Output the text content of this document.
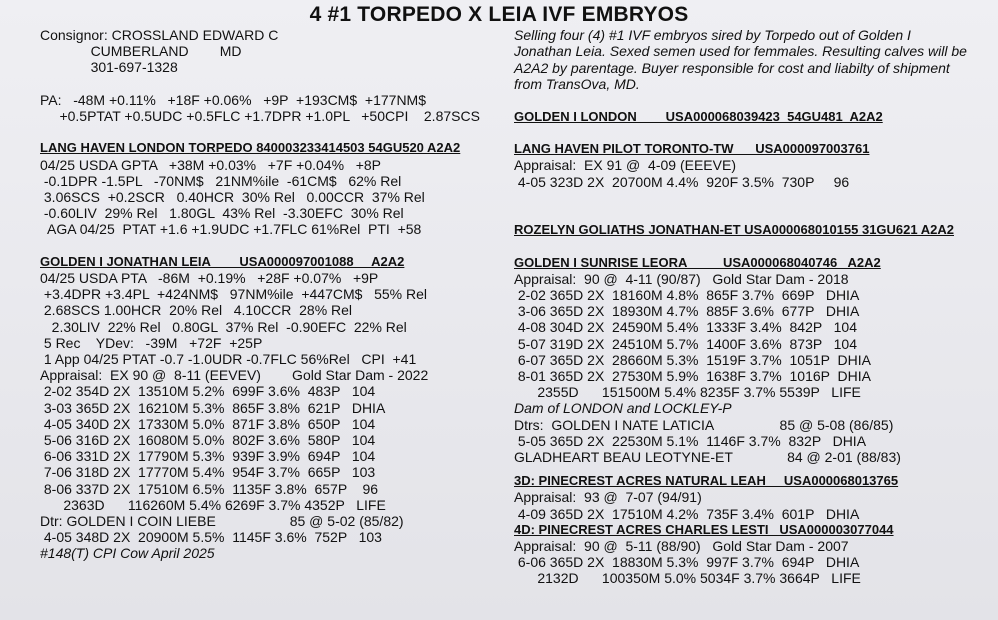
4 #1 TORPEDO X LEIA IVF EMBRYOS
Consignor: CROSSLAND EDWARD C
CUMBERLAND        MD
301-697-1328
PA:   -48M +0.11%   +18F +0.06%   +9P  +193CM$  +177NM$
+0.5PTAT +0.5UDC +0.5FLC +1.7DPR +1.0PL   +50CPI    2.87SCS
LANG HAVEN LONDON TORPEDO 840003233414503 54GU520 A2A2
04/25 USDA GPTA   +38M +0.03%   +7F +0.04%   +8P
-0.1DPR -1.5PL   -70NM$   21NM%ile  -61CM$   62% Rel
3.06SCS  +0.2SCR   0.40HCR  30% Rel   0.00CCR  37% Rel
-0.60LIV  29% Rel   1.80GL  43% Rel  -3.30EFC  30% Rel
AGA 04/25  PTAT +1.6 +1.9UDC +1.7FLC 61%Rel  PTI  +58
GOLDEN I JONATHAN LEIA        USA000097001088     A2A2
04/25 USDA PTA   -86M  +0.19%   +28F +0.07%   +9P
+3.4DPR +3.4PL  +424NM$   97NM%ile  +447CM$   55% Rel
2.68SCS 1.00HCR  20% Rel   4.10CCR  28% Rel
2.30LIV  22% Rel   0.80GL  37% Rel  -0.90EFC  22% Rel
5 Rec    YDev:   -39M   +72F  +25P
1 App 04/25 PTAT -0.7 -1.0UDR -0.7FLC 56%Rel   CPI  +41
Appraisal:  EX 90 @  8-11 (EEVEV)        Gold Star Dam - 2022
2-02 354D 2X  13510M 5.2%  699F 3.6%  483P   104
3-03 365D 2X  16210M 5.3%  865F 3.8%  621P   DHIA
4-05 340D 2X  17330M 5.0%  871F 3.8%  650P   104
5-06 316D 2X  16080M 5.0%  802F 3.6%  580P   104
6-06 331D 2X  17790M 5.3%  939F 3.9%  694P   104
7-06 318D 2X  17770M 5.4%  954F 3.7%  665P   103
8-06 337D 2X  17510M 6.5%  1135F 3.8%  657P    96
2363D      116260M 5.4% 6269F 3.7% 4352P   LIFE
Dtr: GOLDEN I COIN LIEBE                   85 @ 5-02 (85/82)
4-05 348D 2X  20900M 5.5%  1145F 3.6%  752P   103
#148(T) CPI Cow April 2025
Selling four (4) #1 IVF embryos sired by Torpedo out of Golden I Jonathan Leia. Sexed semen used for femmales. Resulting calves will be A2A2 by parentage. Buyer responsible for cost and liabilty of shipment from TransOva, MD.
GOLDEN I LONDON        USA000068039423  54GU481  A2A2
LANG HAVEN PILOT TORONTO-TW      USA000097003761
Appraisal:  EX 91 @  4-09 (EEEVE)
4-05 323D 2X  20700M 4.4%  920F 3.5%  730P     96
ROZELYN GOLIATHS JONATHAN-ET USA000068010155 31GU621 A2A2
GOLDEN I SUNRISE LEORA          USA000068040746   A2A2
Appraisal:  90 @  4-11 (90/87)   Gold Star Dam - 2018
2-02 365D 2X  18160M 4.8%  865F 3.7%  669P   DHIA
3-06 365D 2X  18930M 4.7%  885F 3.6%  677P   DHIA
4-08 304D 2X  24590M 5.4%  1333F 3.4%  842P   104
5-07 319D 2X  24510M 5.7%  1400F 3.6%  873P   104
6-07 365D 2X  28660M 5.3%  1519F 3.7%  1051P  DHIA
8-01 365D 2X  27530M 5.9%  1638F 3.7%  1016P  DHIA
2355D      151500M 5.4% 8235F 3.7% 5539P   LIFE
Dam of LONDON and LOCKLEY-P
Dtrs:  GOLDEN I NATE LATICIA                 85 @ 5-08 (86/85)
5-05 365D 2X  22530M 5.1%  1146F 3.7%  832P   DHIA
GLADHEART BEAU LEOTYNE-ET              84 @ 2-01 (88/83)
3D: PINECREST ACRES NATURAL LEAH     USA000068013765
Appraisal:  93 @  7-07 (94/91)
4-09 365D 2X  17510M 4.2%  735F 3.4%  601P   DHIA
4D: PINECREST ACRES CHARLES LESTI   USA000003077044
Appraisal:  90 @  5-11 (88/90)   Gold Star Dam - 2007
6-06 365D 2X  18830M 5.3%  997F 3.7%  694P   DHIA
2132D      100350M 5.0% 5034F 3.7% 3664P   LIFE
